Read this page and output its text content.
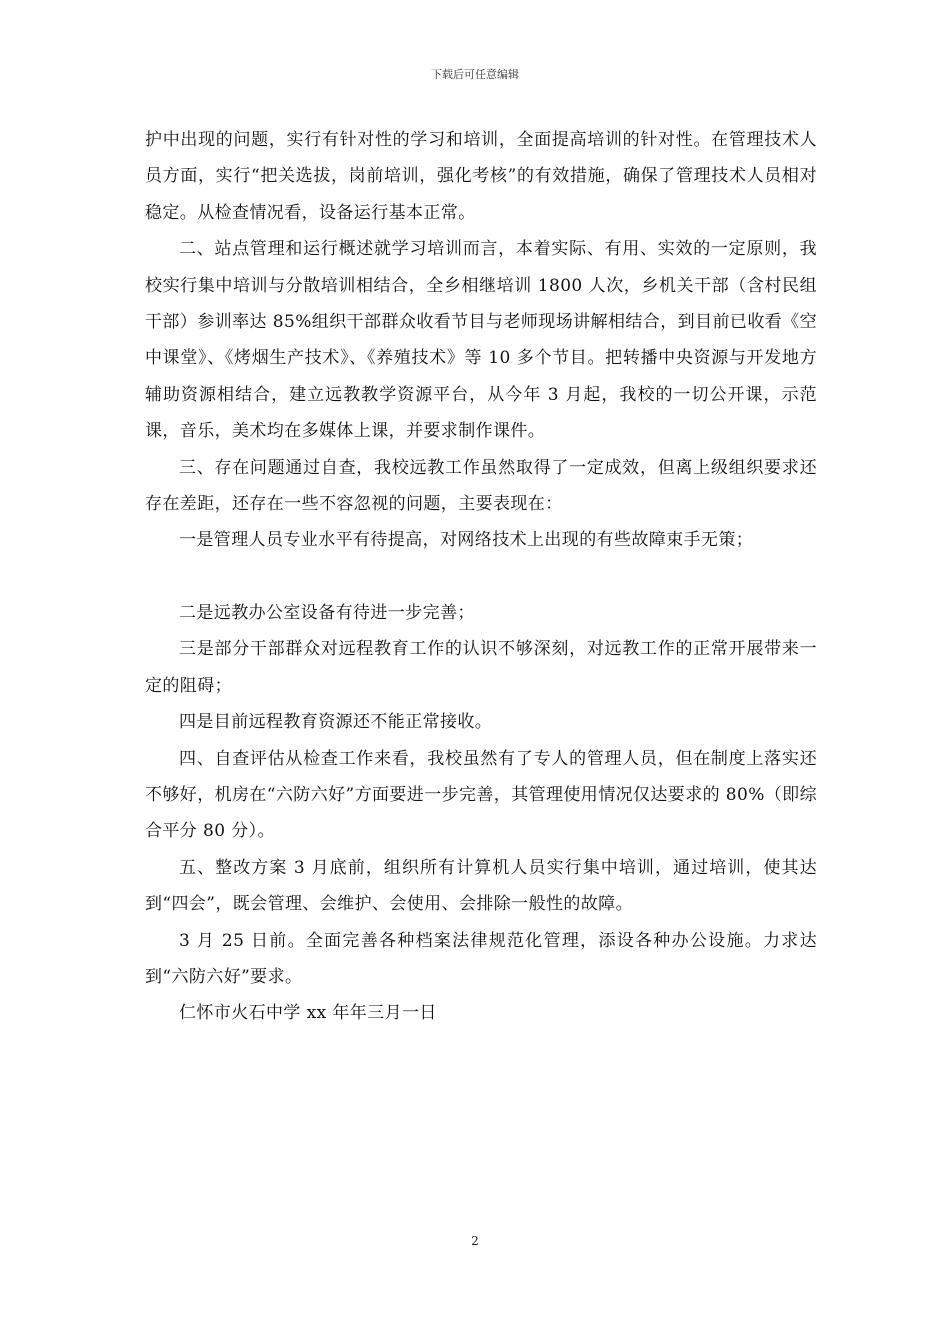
下载后可任意编辑

护中出现的问题，实行有针对性的学习和培训，全面提高培训的针对性。在管理技术人员方面，实行“把关选拔，岗前培训，强化考核”的有效措施，确保了管理技术人员相对稳定。从检查情况看，设备运行基本正常。

二、站点管理和运行概述就学习培训而言，本着实际、有用、实效的一定原则，我校实行集中培训与分散培训相结合，全乡相继培训 1800 人次，乡机关干部（含村民组干部）参训率达 85%组织干部群众收看节目与老师现场讲解相结合，到目前已收看《空中课堂》、《烤烟生产技术》、《养殖技术》等 10 多个节目。把转播中央资源与开发地方辅助资源相结合，建立远教教学资源平台，从今年 3 月起，我校的一切公开课，示范课，音乐，美术均在多媒体上课，并要求制作课件。

三、存在问题通过自查，我校远教工作虽然取得了一定成效，但离上级组织要求还存在差距，还存在一些不容忽视的问题，主要表现在：

一是管理人员专业水平有待提高，对网络技术上出现的有些故障束手无策；

二是远教办公室设备有待进一步完善；

三是部分干部群众对远程教育工作的认识不够深刻，对远教工作的正常开展带来一定的阻碍；

四是目前远程教育资源还不能正常接收。

四、自查评估从检查工作来看，我校虽然有了专人的管理人员，但在制度上落实还不够好，机房在“六防六好”方面要进一步完善，其管理使用情况仅达要求的 80%（即综合平分 80 分）。

五、整改方案 3 月底前，组织所有计算机人员实行集中培训，通过培训，使其达到“四会”，既会管理、会维护、会使用、会排除一般性的故障。

3 月 25 日前。全面完善各种档案法律规范化管理，添设各种办公设施。力求达到“六防六好”要求。

仁怀市火石中学 xx 年年三月一日

2
